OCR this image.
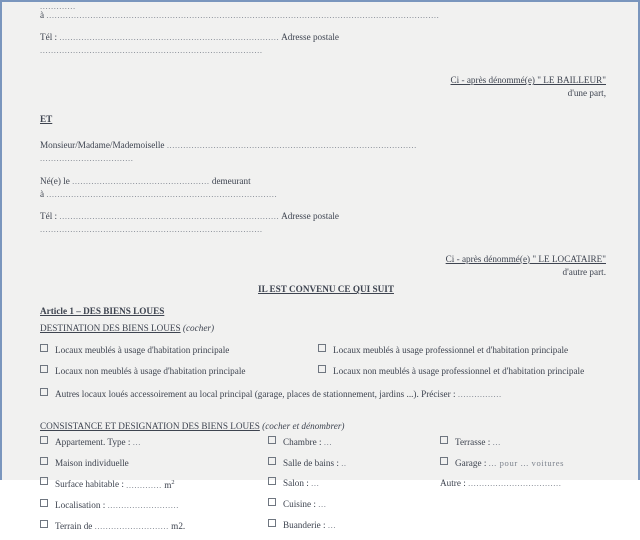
.............
à ...............................................................................................................................................
Tél : ................................................................................ Adresse postale
.................................................................................
Ci - après dénommé(e) " LE BAILLEUR"
d'une part,
ET
Monsieur/Madame/Mademoiselle ...........................................................................................
..................................
Né(e) le .................................................. demeurant
à ....................................................................................
Tél : ................................................................................ Adresse postale
.................................................................................
Ci - après dénommé(e) " LE LOCATAIRE"
d'autre part.
IL EST CONVENU CE QUI SUIT
Article 1 – DES BIENS LOUES
DESTINATION DES BIENS LOUES (cocher)
Locaux meublés à usage d'habitation principale	Locaux meublés à usage professionnel et d'habitation principale
Locaux non meublés à usage d'habitation principale	Locaux non meublés à usage professionnel et d'habitation principale
Autres locaux loués accessoirement au local principal (garage, places de stationnement, jardins ...). Préciser : ................
CONSISTANCE ET DESIGNATION DES BIENS LOUES (cocher et dénombrer)
Appartement. Type : ...
Maison individuelle
Surface habitable : ............. $m^2$
Localisation : ..........................
Terrain de ........................... m2.
Chambre : ...
Salle de bains : ..
Salon : ...
Cuisine : ...
Buanderie : ...
Terrasse : ...
Garage : ... pour ... voitures
Autre : ..................................
